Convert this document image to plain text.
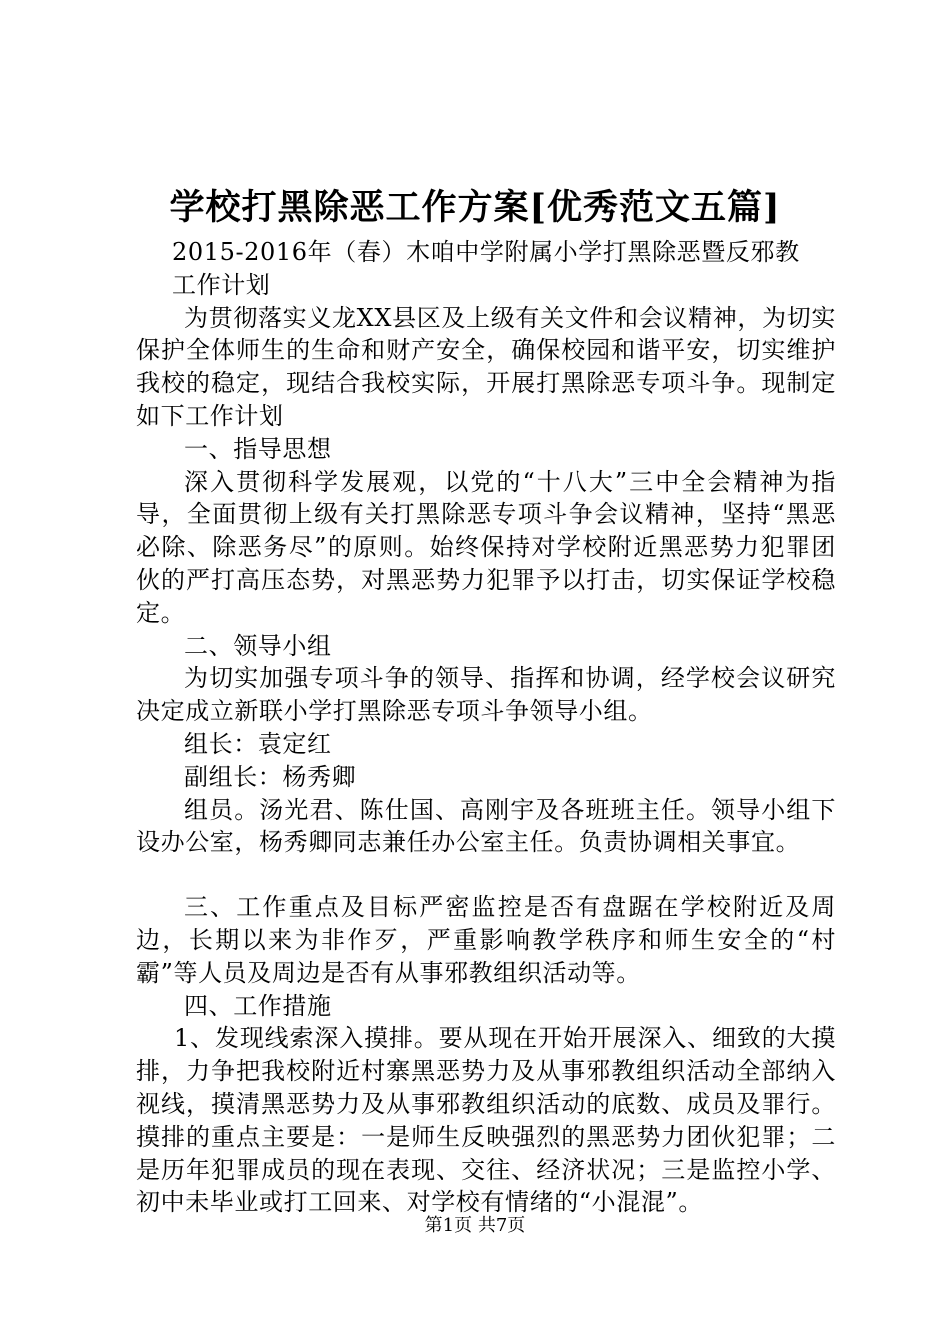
学校打黑除恶工作方案[优秀范文五篇]

2015-2016年（春）木咱中学附属小学打黑除恶暨反邪教

工作计划

为贯彻落实义龙XX县区及上级有关文件和会议精神，为切实保护全体师生的生命和财产安全，确保校园和谐平安，切实维护我校的稳定，现结合我校实际，开展打黑除恶专项斗争。现制定如下工作计划

一、指导思想

深入贯彻科学发展观，以党的“十八大”三中全会精神为指导，全面贯彻上级有关打黑除恶专项斗争会议精神，坚持“黑恶必除、除恶务尽”的原则。始终保持对学校附近黑恶势力犯罪团伙的严打高压态势，对黑恶势力犯罪予以打击，切实保证学校稳定。

二、领导小组

为切实加强专项斗争的领导、指挥和协调，经学校会议研究决定成立新联小学打黑除恶专项斗争领导小组。

组长：袁定红

副组长：杨秀卿

组员。汤光君、陈仕国、高刚宇及各班班主任。领导小组下设办公室，杨秀卿同志兼任办公室主任。负责协调相关事宜。

三、工作重点及目标严密监控是否有盘踞在学校附近及周边，长期以来为非作歹，严重影响教学秩序和师生安全的“村霸”等人员及周边是否有从事邪教组织活动等。

四、工作措施

1、发现线索深入摸排。要从现在开始开展深入、细致的大摸排，力争把我校附近村寨黑恶势力及从事邪教组织活动全部纳入视线，摸清黑恶势力及从事邪教组织活动的底数、成员及罪行。摸排的重点主要是：一是师生反映强烈的黑恶势力团伙犯罪；二是历年犯罪成员的现在表现、交往、经济状况；三是监控小学、初中未毕业或打工回来、对学校有情绪的“小混混”。

第1页 共7页
